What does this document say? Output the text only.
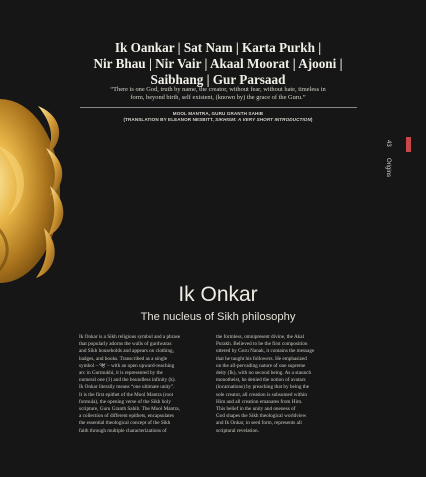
Ik Oankar | Sat Nam | Karta Purkh |
Nir Bhau | Nir Vair | Akaal Moorat | Ajooni |
Saibhang | Gur Parsaad
“There is one God, truth by name, the creator, without fear, without hate, timeless in
form, beyond birth, self existent, (known by) the grace of the Guru.”
MOOL MANTRA, GURU GRANTH SAHIB
(TRANSLATION BY ELEANOR NESBITT, SIKHISM: A VERY SHORT INTRODUCTION)
43
Origins
Ik Onkar
The nucleus of Sikh philosophy
Ik Onkar is a Sikh religious symbol and a phrase
that popularly adorns the walls of gurdwaras
and Sikh households and appears on clothing,
badges, and books. Transcribed as a single
symbol – ੴ – with an open upward-reaching
arc in Gurmukhi, it is represented by the
numeral one (1) and the boundless infinity (k).
Ik Onkar literally means “one ultimate unity”.
It is the first epithet of the Mool Mantra (root
formula), the opening verse of the Sikh holy
scripture, Guru Granth Sahib. The Mool Mantra,
a collection of different epithets, encapsulates
the essential theological concept of the Sikh
faith through multiple characterizations of
the formless, omnipresent divine, the Akal
Purakh. Believed to be the first composition
uttered by Guru Nanak, it contains the message
that he taught his followers. He emphasized
on the all-pervading nature of one supreme
deity (Ik), with no second being. As a staunch
monotheist, he denied the notion of avatars
(incarnations) by preaching that by being the
sole creator, all creation is subsumed within
Him and all creation emanates from Him.
This belief in the unity and oneness of
God shapes the Sikh theological worldview
and Ik Onkar, in seed form, represents all
scriptural revelation.
